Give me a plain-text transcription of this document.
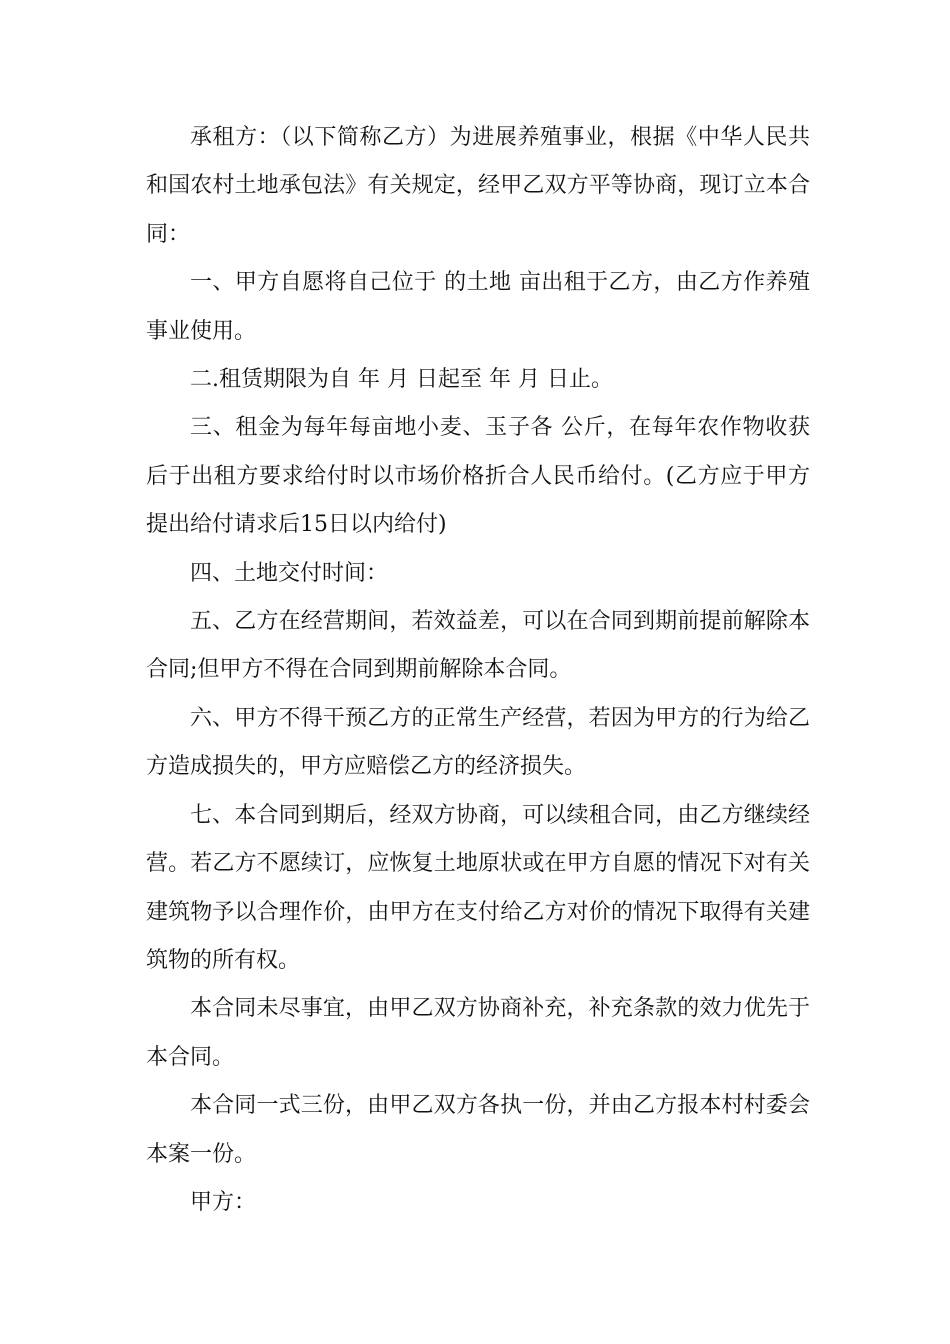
承租方：（以下简称乙方）为进展养殖事业，根据《中华人民共和国农村土地承包法》有关规定，经甲乙双方平等协商，现订立本合同：

一、甲方自愿将自己位于 的土地 亩出租于乙方，由乙方作养殖事业使用。

二.租赁期限为自 年 月 日起至 年 月 日止。

三、租金为每年每亩地小麦、玉子各 公斤，在每年农作物收获后于出租方要求给付时以市场价格折合人民币给付。(乙方应于甲方提出给付请求后15日以内给付)

四、土地交付时间：

五、乙方在经营期间，若效益差，可以在合同到期前提前解除本合同;但甲方不得在合同到期前解除本合同。

六、甲方不得干预乙方的正常生产经营，若因为甲方的行为给乙方造成损失的，甲方应赔偿乙方的经济损失。

七、本合同到期后，经双方协商，可以续租合同，由乙方继续经营。若乙方不愿续订，应恢复土地原状或在甲方自愿的情况下对有关建筑物予以合理作价，由甲方在支付给乙方对价的情况下取得有关建筑物的所有权。

本合同未尽事宜，由甲乙双方协商补充，补充条款的效力优先于本合同。

本合同一式三份，由甲乙双方各执一份，并由乙方报本村村委会本案一份。

甲方：
